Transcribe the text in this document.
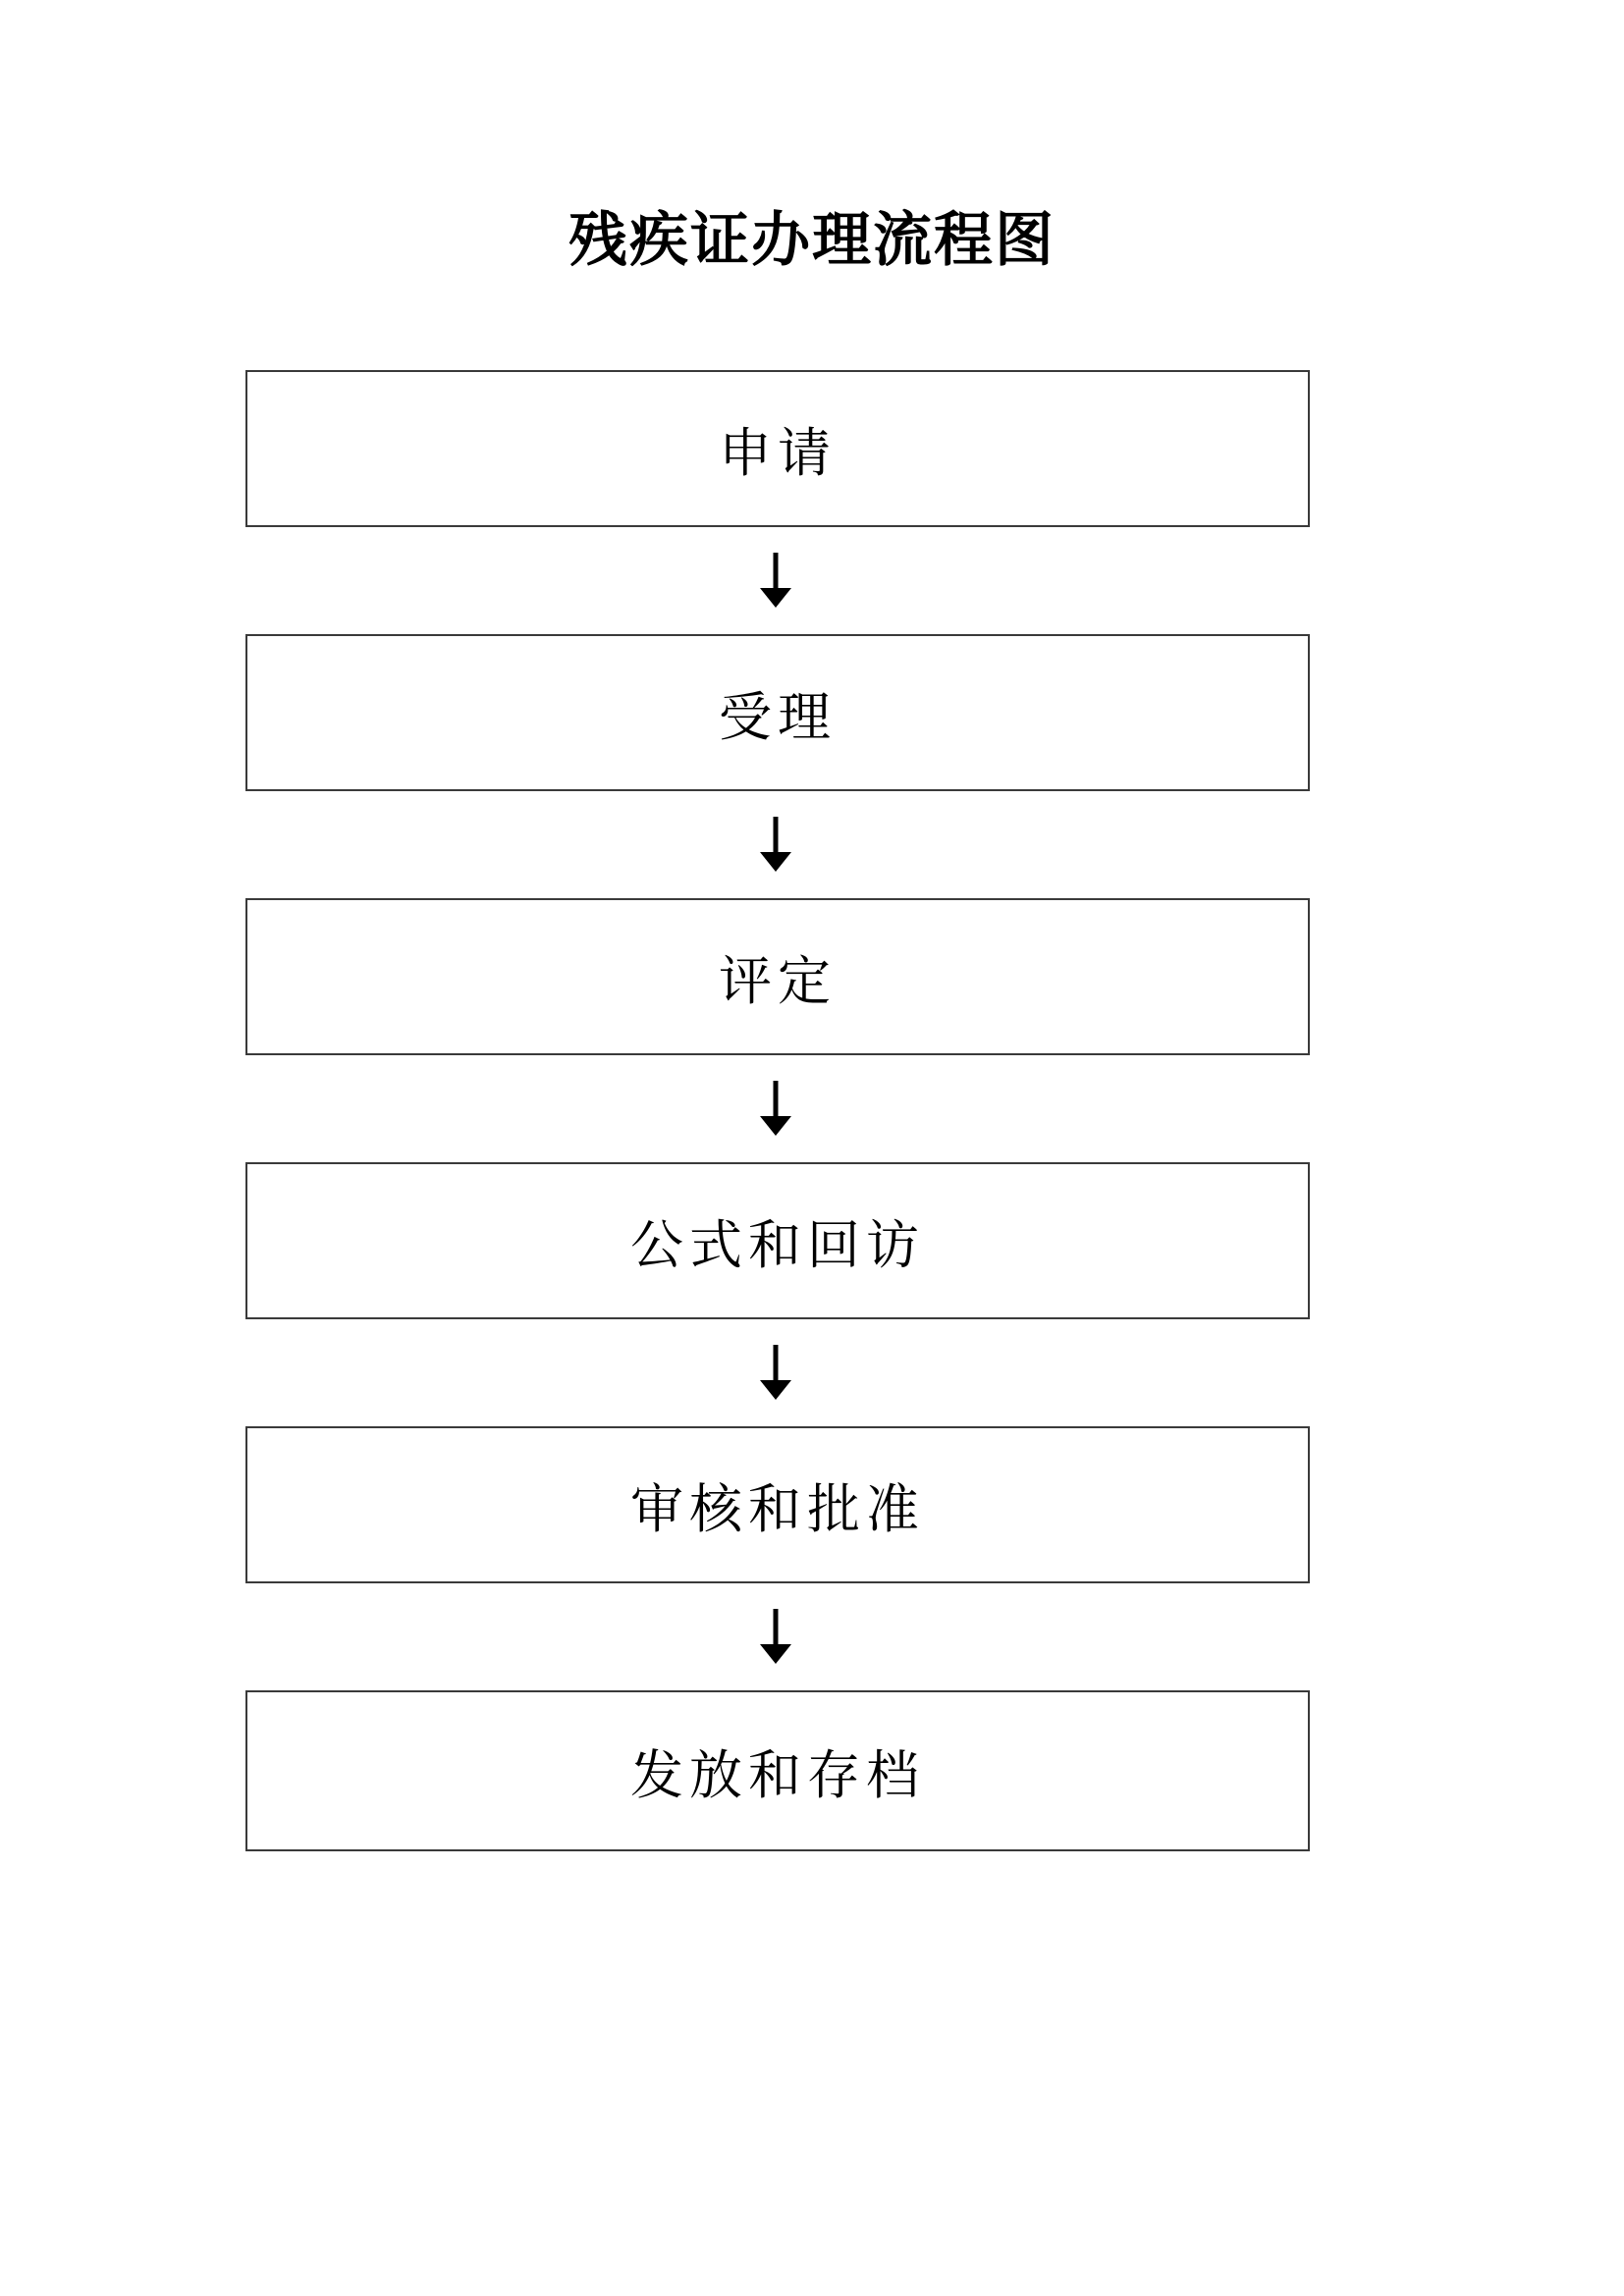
残疾证办理流程图
申请
受理
评定
公式和回访
审核和批准
发放和存档
